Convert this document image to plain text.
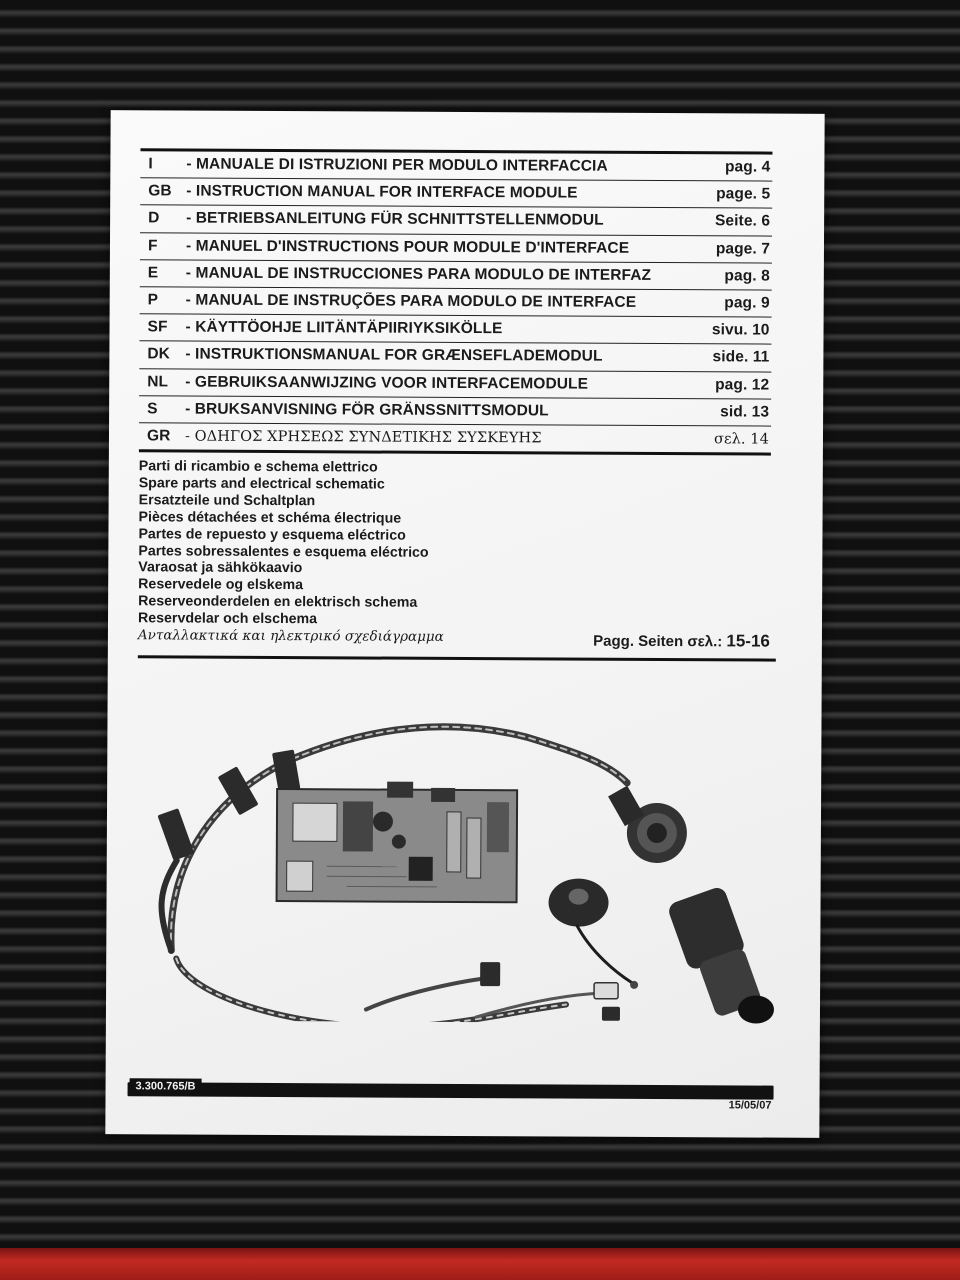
I	- MANUALE DI ISTRUZIONI PER MODULO INTERFACCIA	pag. 4
GB - INSTRUCTION MANUAL FOR INTERFACE MODULE	page. 5
D	- BETRIEBSANLEITUNG FÜR SCHNITTSTELLENMODUL	Seite. 6
F	- MANUEL D'INSTRUCTIONS POUR MODULE D'INTERFACE	page. 7
E	- MANUAL DE INSTRUCCIONES PARA MODULO DE INTERFAZ	pag. 8
P	- MANUAL DE INSTRUÇÕES PARA MODULO DE INTERFACE	pag. 9
SF	- KÄYTTÖOHJE LIITÄNTÄPIIRIYKSIKÖLLE	sivu. 10
DK - INSTRUKTIONSMANUAL FOR GRÆNSEFLADEMODUL	side. 11
NL	- GEBRUIKSAANWIJZING VOOR INTERFACEMODULE	pag. 12
S	- BRUKSANVISNING FÖR GRÄNSSNITTSMODUL	sid. 13
GR - ΟΔΗΓΟΣ ΧΡΗΣΕΩΣ ΣΥΝΔΕΤΙΚΗΣ ΣΥΣΚΕΥΗΣ	σελ. 14
Parti di ricambio e schema elettrico
Spare parts and electrical schematic
Ersatzteile und Schaltplan
Pièces détachées et schéma électrique
Partes de repuesto y esquema eléctrico
Partes sobressalentes e esquema eléctrico
Varaosat ja sähkökaavio
Reservedele og elskema
Reserveonderdelen en elektrisch schema
Reservdelar och elschema
Ανταλλακτικά και ηλεκτρικό σχεδιάγραμμα	Pagg. Seiten σελ.: 15-16
3.300.765/B
15/05/07
